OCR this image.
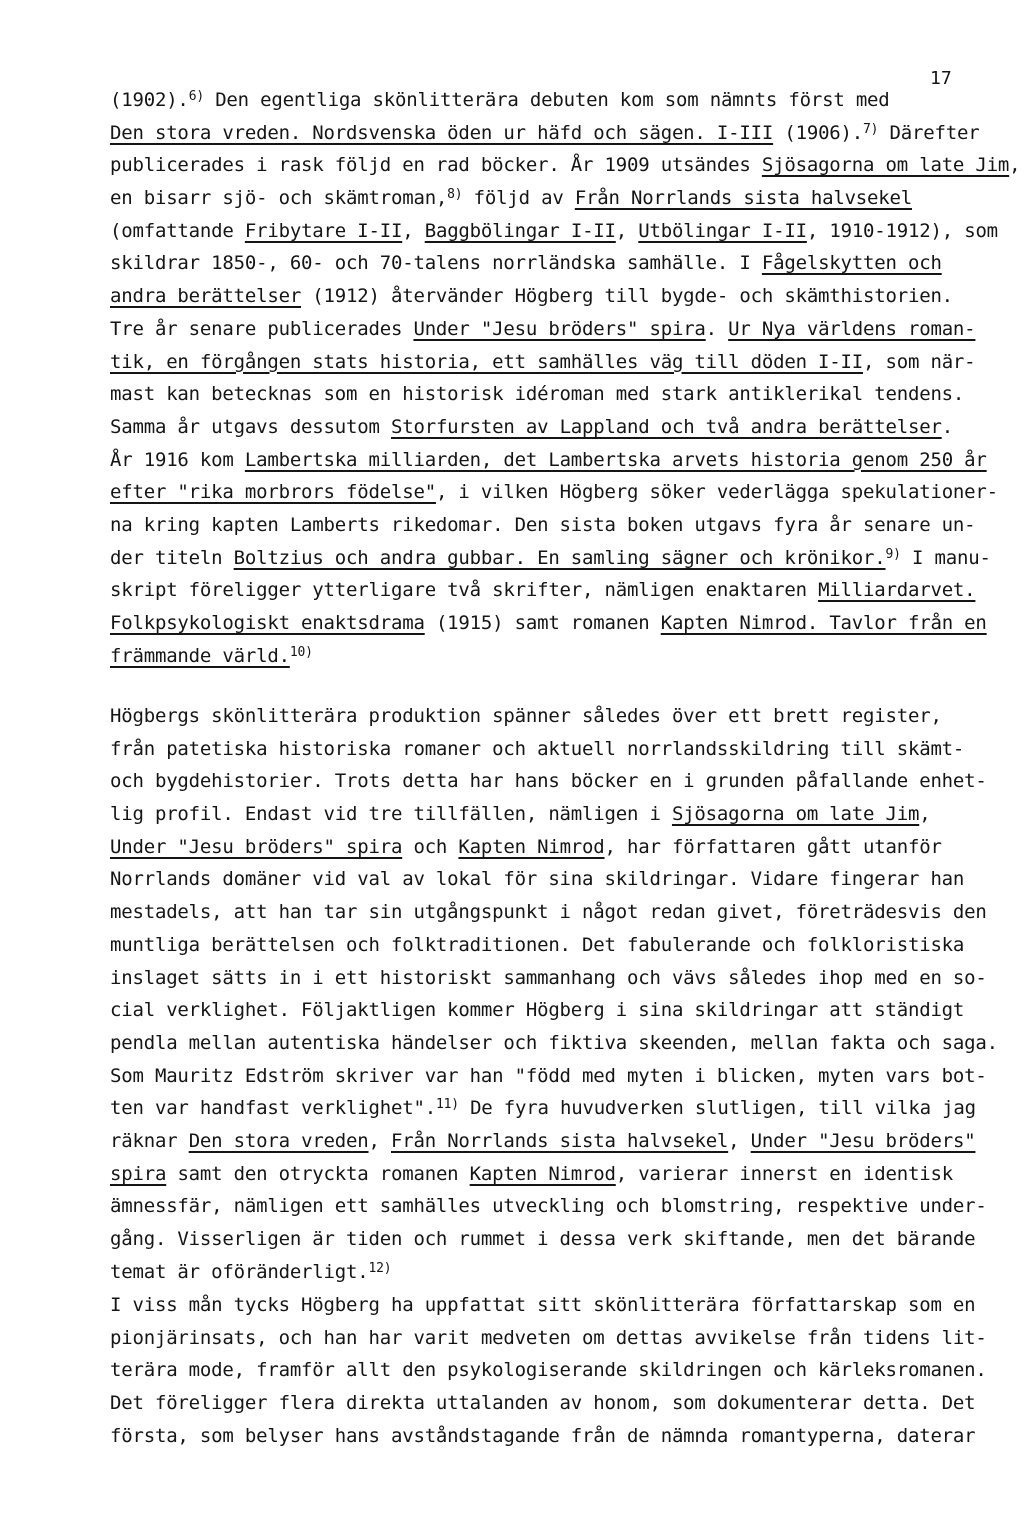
17
(1902).$^{6)}$ Den egentliga skönlitterära debuten kom som nämnts först med
Den stora vreden. Nordsvenska öden ur häfd och sägen. I-III (1906).$^{7)}$ Därefter
publicerades i rask följd en rad böcker. År 1909 utsändes Sjösagorna om late Jim,
en bisarr sjö- och skämtroman,$^{8)}$ följd av Från Norrlands sista halvsekel
(omfattande Fribytare I-II, Baggbölingar I-II, Utbölingar I-II, 1910-1912), som
skildrar 1850-, 60- och 70-talens norrländska samhälle. I Fågelskytten och
andra berättelser (1912) återvänder Högberg till bygde- och skämthistorien.
Tre år senare publicerades Under "Jesu bröders" spira. Ur Nya världens roman-
tik, en förgången stats historia, ett samhälles väg till döden I-II, som när-
mast kan betecknas som en historisk idéroman med stark antiklerikal tendens.
Samma år utgavs dessutom Storfursten av Lappland och två andra berättelser.
År 1916 kom Lambertska milliarden, det Lambertska arvets historia genom 250 år
efter "rika morbrors födelse", i vilken Högberg söker vederlägga spekulationer-
na kring kapten Lamberts rikedomar. Den sista boken utgavs fyra år senare un-
der titeln Boltzius och andra gubbar. En samling sägner och krönikor.$^{9)}$ I manu-
skript föreligger ytterligare två skrifter, nämligen enaktaren Milliardarvet.
Folkpsykologiskt enaktsdrama (1915) samt romanen Kapten Nimrod. Tavlor från en
främmande värld.$^{10)}$
Högbergs skönlitterära produktion spänner således över ett brett register,
från patetiska historiska romaner och aktuell norrlandsskildring till skämt-
och bygdehistorier. Trots detta har hans böcker en i grunden påfallande enhet-
lig profil. Endast vid tre tillfällen, nämligen i Sjösagorna om late Jim,
Under "Jesu bröders" spira och Kapten Nimrod, har författaren gått utanför
Norrlands domäner vid val av lokal för sina skildringar. Vidare fingerar han
mestadels, att han tar sin utgångspunkt i något redan givet, företrädesvis den
muntliga berättelsen och folktraditionen. Det fabulerande och folkloristiska
inslaget sätts in i ett historiskt sammanhang och vävs således ihop med en so-
cial verklighet. Följaktligen kommer Högberg i sina skildringar att ständigt
pendla mellan autentiska händelser och fiktiva skeenden, mellan fakta och saga.
Som Mauritz Edström skriver var han "född med myten i blicken, myten vars bot-
ten var handfast verklighet".$^{11)}$ De fyra huvudverken slutligen, till vilka jag
räknar Den stora vreden, Från Norrlands sista halvsekel, Under "Jesu bröders"
spira samt den otryckta romanen Kapten Nimrod, varierar innerst en identisk
ämnessfär, nämligen ett samhälles utveckling och blomstring, respektive under-
gång. Visserligen är tiden och rummet i dessa verk skiftande, men det bärande
temat är oföränderligt.$^{12)}$
I viss mån tycks Högberg ha uppfattat sitt skönlitterära författarskap som en
pionjärinsats, och han har varit medveten om dettas avvikelse från tidens lit-
terära mode, framför allt den psykologiserande skildringen och kärleksromanen.
Det föreligger flera direkta uttalanden av honom, som dokumenterar detta. Det
första, som belyser hans avståndstagande från de nämnda romantyperna, daterar
